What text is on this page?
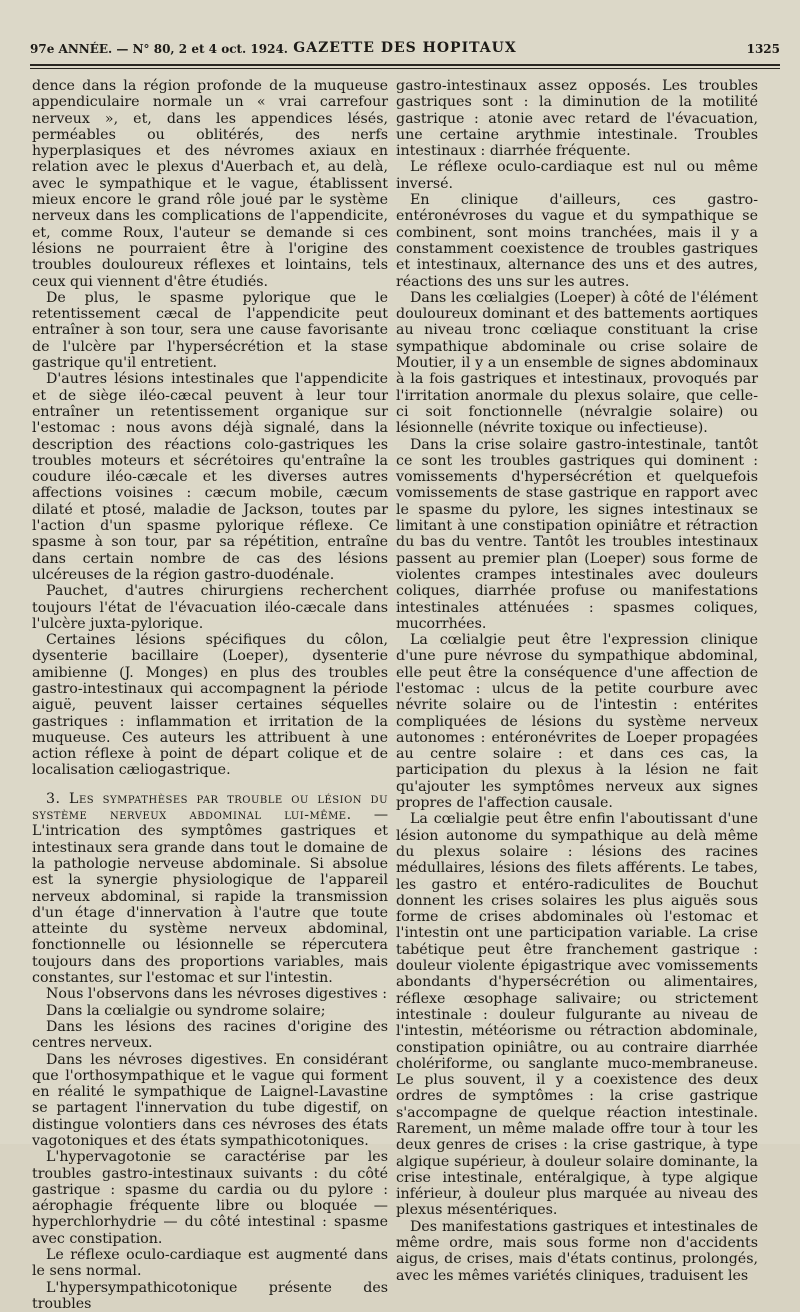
97e ANNÉE. — N° 80, 2 et 4 oct. 1924. GAZETTE DES HOPITAUX	1325

dence dans la région profonde de la muqueuse appendiculaire normale un « vrai carrefour nerveux », et, dans les appendices lésés, perméables ou oblitérés, des nerfs hyperplasiques et des névromes axiaux en relation avec le plexus d'Auerbach et, au delà, avec le sympathique et le vague, établissent mieux encore le grand rôle joué par le système nerveux dans les complications de l'appendicite, et, comme Roux, l'auteur se demande si ces lésions ne pourraient être à l'origine des troubles douloureux réflexes et lointains, tels ceux qui viennent d'être étudiés.

De plus, le spasme pylorique que le retentissement cæcal de l'appendicite peut entraîner à son tour, sera une cause favorisante de l'ulcère par l'hypersécrétion et la stase gastrique qu'il entretient.

D'autres lésions intestinales que l'appendicite et de siège iléo-cæcal peuvent à leur tour entraîner un retentissement organique sur l'estomac : nous avons déjà signalé, dans la description des réactions colo-gastriques les troubles moteurs et sécrétoires qu'entraîne la coudure iléo-cæcale et les diverses autres affections voisines : cæcum mobile, cæcum dilaté et ptosé, maladie de Jackson, toutes par l'action d'un spasme pylorique réflexe. Ce spasme à son tour, par sa répétition, entraîne dans certain nombre de cas des lésions ulcéreuses de la région gastro-duodénale.

Pauchet, d'autres chirurgiens recherchent toujours l'état de l'évacuation iléo-cæcale dans l'ulcère juxta-pylorique.

Certaines lésions spécifiques du côlon, dysenterie bacillaire (Loeper), dysenterie amibienne (J. Monges) en plus des troubles gastro-intestinaux qui accompagnent la période aiguë, peuvent laisser certaines séquelles gastriques : inflammation et irritation de la muqueuse. Ces auteurs les attribuent à une action réflexe à point de départ colique et de localisation cæliogastrique.

3. Les sympathèses par trouble ou lésion du système nerveux abdominal lui-même. — L'intrication des symptômes gastriques et intestinaux sera grande dans tout le domaine de la pathologie nerveuse abdominale. Si absolue est la synergie physiologique de l'appareil nerveux abdominal, si rapide la transmission d'un étage d'innervation à l'autre que toute atteinte du système nerveux abdominal, fonctionnelle ou lésionnelle se répercutera toujours dans des proportions variables, mais constantes, sur l'estomac et sur l'intestin.

Nous l'observons dans les névroses digestives :

Dans la cœlialgie ou syndrome solaire;

Dans les lésions des racines d'origine des centres nerveux.

Dans les névroses digestives. En considérant que l'orthosympathique et le vague qui forment en réalité le sympathique de Laignel-Lavastine se partagent l'innervation du tube digestif, on distingue volontiers dans ces névroses des états vagotoniques et des états sympathicotoniques.

L'hypervagotonie se caractérise par les troubles gastro-intestinaux suivants : du côté gastrique : spasme du cardia ou du pylore : aérophagie fréquente libre ou bloquée — hyperchlorhydrie — du côté intestinal : spasme avec constipation.

Le réflexe oculo-cardiaque est augmenté dans le sens normal.

L'hypersympathicotonique présente des troubles

gastro-intestinaux assez opposés. Les troubles gastriques sont : la diminution de la motilité gastrique : atonie avec retard de l'évacuation, une certaine arythmie intestinale. Troubles intestinaux : diarrhée fréquente.

Le réflexe oculo-cardiaque est nul ou même inversé.

En clinique d'ailleurs, ces gastro-entéronévroses du vague et du sympathique se combinent, sont moins tranchées, mais il y a constamment coexistence de troubles gastriques et intestinaux, alternance des uns et des autres, réactions des uns sur les autres.

Dans les cœlialgies (Loeper) à côté de l'élément douloureux dominant et des battements aortiques au niveau tronc cœliaque constituant la crise sympathique abdominale ou crise solaire de Moutier, il y a un ensemble de signes abdominaux à la fois gastriques et intestinaux, provoqués par l'irritation anormale du plexus solaire, que celle-ci soit fonctionnelle (névralgie solaire) ou lésionnelle (névrite toxique ou infectieuse).

Dans la crise solaire gastro-intestinale, tantôt ce sont les troubles gastriques qui dominent : vomissements d'hypersécrétion et quelquefois vomissements de stase gastrique en rapport avec le spasme du pylore, les signes intestinaux se limitant à une constipation opiniâtre et rétraction du bas du ventre. Tantôt les troubles intestinaux passent au premier plan (Loeper) sous forme de violentes crampes intestinales avec douleurs coliques, diarrhée profuse ou manifestations intestinales atténuées : spasmes coliques, mucorrhées.

La cœlialgie peut être l'expression clinique d'une pure névrose du sympathique abdominal, elle peut être la conséquence d'une affection de l'estomac : ulcus de la petite courbure avec névrite solaire ou de l'intestin : entérites compliquées de lésions du système nerveux autonomes : entéronévrites de Loeper propagées au centre solaire : et dans ces cas, la participation du plexus à la lésion ne fait qu'ajouter les symptômes nerveux aux signes propres de l'affection causale.

La cœlialgie peut être enfin l'aboutissant d'une lésion autonome du sympathique au delà même du plexus solaire : lésions des racines médullaires, lésions des filets afférents. Le tabes, les gastro et entéro-radiculites de Bouchut donnent les crises solaires les plus aiguës sous forme de crises abdominales où l'estomac et l'intestin ont une participation variable. La crise tabétique peut être franchement gastrique : douleur violente épigastrique avec vomissements abondants d'hypersécrétion ou alimentaires, réflexe œsophage salivaire; ou strictement intestinale : douleur fulgurante au niveau de l'intestin, météorisme ou rétraction abdominale, constipation opiniâtre, ou au contraire diarrhée cholériforme, ou sanglante muco-membraneuse. Le plus souvent, il y a coexistence des deux ordres de symptômes : la crise gastrique s'accompagne de quelque réaction intestinale. Rarement, un même malade offre tour à tour les deux genres de crises : la crise gastrique, à type algique supérieur, à douleur solaire dominante, la crise intestinale, entéralgique, à type algique inférieur, à douleur plus marquée au niveau des plexus mésentériques.

Des manifestations gastriques et intestinales de même ordre, mais sous forme non d'accidents aigus, de crises, mais d'états continus, prolongés, avec les mêmes variétés cliniques, traduisent les
